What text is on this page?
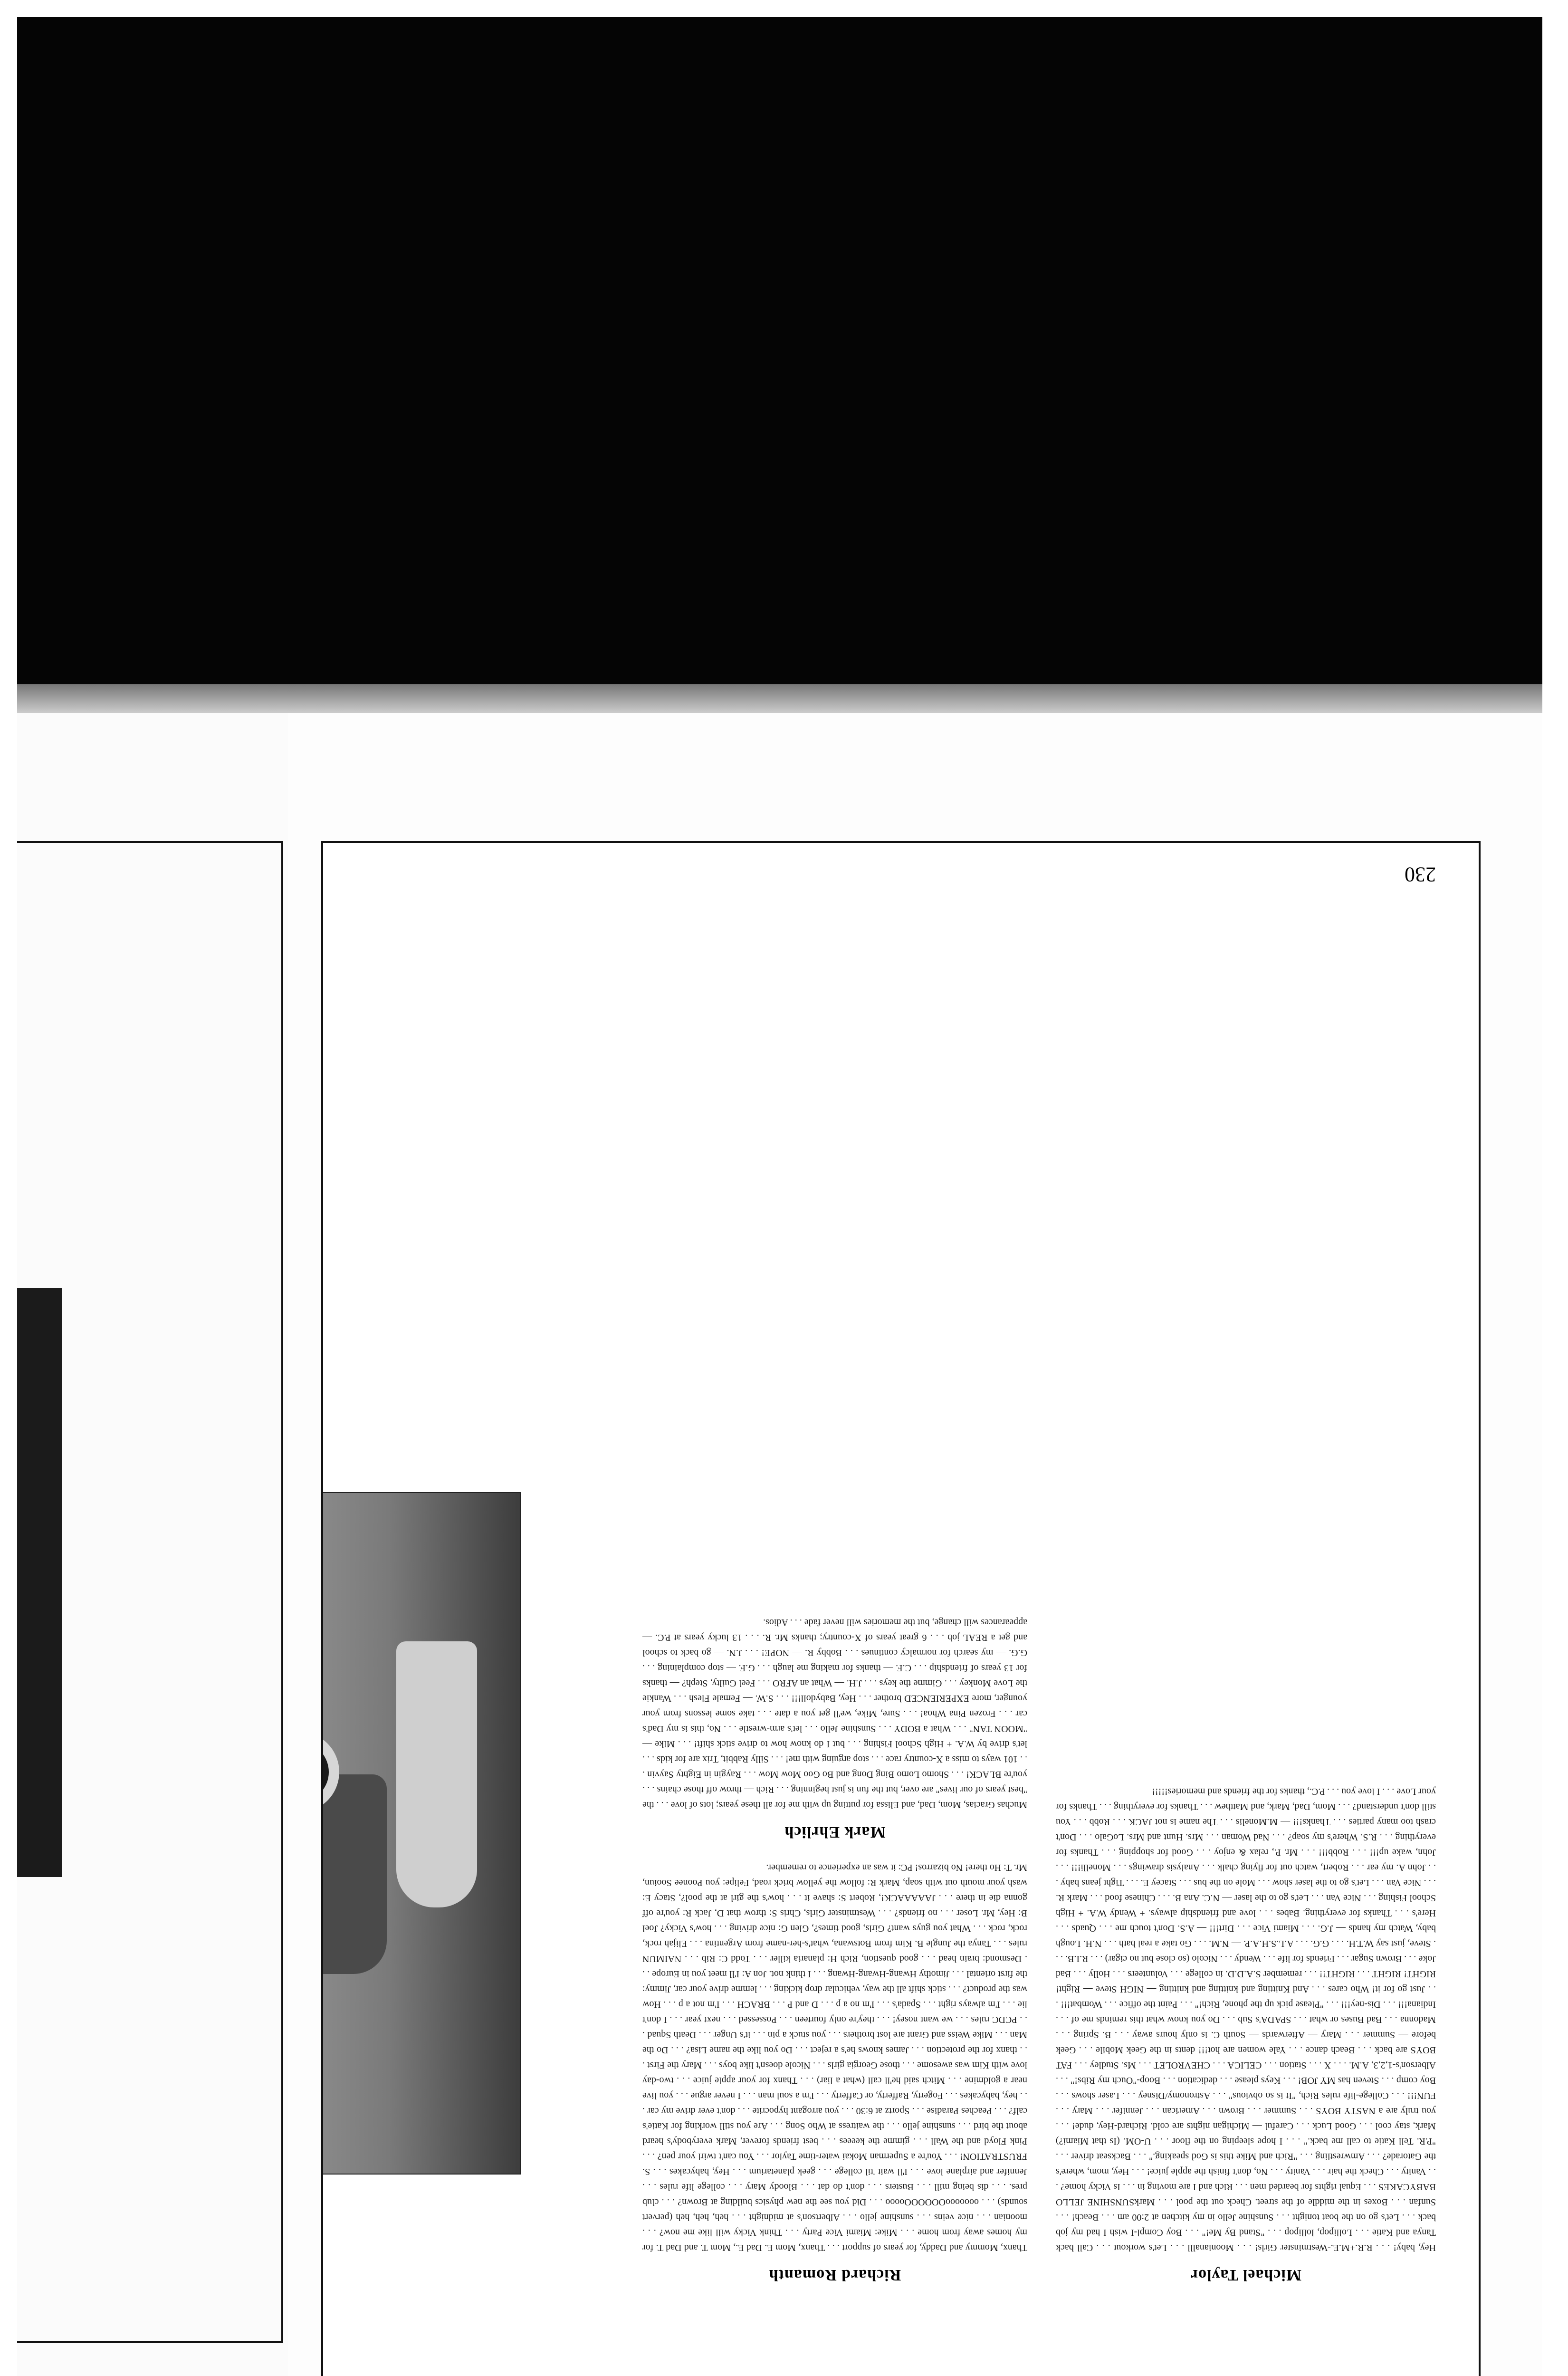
Michael Taylor

Hey, baby! . . . R.R.+M.E.-Westminster Girls! . . . Moonianalll . . . Let's workout . . . Call back Tanya and Katie . . . Lollipop, lollipop . . . "Stand By Me!" . . . Boy Compl-I wish I had my job back . . . Let's go on the boat tonight . . . Sunshine Jello in my kitchen at 2:00 am . . . Beach! . . . Sunfan . . . Boxes in the middle of the street. Check out the pool . . . MarkSUNSHINE JELLO BABYCAKES . . . Equal rights for bearded men . . . Rich and I are moving in . . . Is Vicky home? . . . Vanity . . . Check the hair . . . Vanity . . . No, don't finish the apple juice! . . . Hey, mom, where's the Gatorade? . . . Amwrestling . . . "Rich and Mike this is God speaking." . . . Backseat driver . . . "P.R. Tell Katie to call me back." . . . I hope sleeping on the floor . . . U-OM. (Is that Miami?) Mark, stay cool . . . Good Luck . . . Careful — Michigan nights are cold. Richard-Hey, dude! . . . you truly are a NASTY BOYS . . . Summer . . . Brown . . . American . . . Jennifer . . . Mary . . . FUN!!! . . . College-life rules Rich, "It is so obvious" . . . Astronomy/Disney . . . Laser shows . . . Boy comp . . . Steven has MY JOB! . . . Keys please . . . dedication . . . Boop-"Ouch my Ribs!" . . . Alberson's-1,2,3, A.M. . . . X . . . Station . . . CELICA . . . CHEVROLET . . . Ms. Studley . . . FAT BOYS are back . . . Beach dance . . . Yale women are hot!!! dents in the Geek Mobile . . . Geek before — Summer . . . Mary — Afterwards — South C. is only hours away . . . B. Spring . . . Madonna . . . Bad Buses or what . . . SPADA's Sub . . . Do you know what this reminds me of . . . Indiana!!! . . . Dis-ney!!! . . . "Please pick up the phone, Rich!" . . . Paint the office . . . Wombat!!! . . . Just go for it! Who cares . . . And Knitting and knitting and knitting — NIGH Steve — Right! RIGHT! RIGHT . . . RIGHT!! . . . remember S.A.D.D. in college . . . Volunteers . . . Holly . . . Bad Joke . . . Brown Sugar . . . Friends for life . . . Wendy . . . Nicolo (so close but no cigar) . . . R.I.B. . . . Steve, just say W.T.H. . . . G.G. . . . A.L.S.H.A.P. — N.M. . . . Go take a real bath . . . N.H. Lough baby, Watch my hands — J.G. . . . Miami Vice . . . Dirt!!! — A.S. Don't touch me . . . Quads . . . Here's . . . Thanks for everything. Babes . . . love and friendship always. + Wendy W.A. + High School Fishing . . . Nice Van . . . Let's go to the laser — N.C. Ana B. . . . Chinese food . . . Mark R. . . . Nice Van . . . Let's go to the laser show . . . Mole on the bus . . . Stacey E. . . . Tight jeans baby . . . John A. my ear . . . Robert, watch out for flying chalk . . . Analysis drawings . . . Monelli!!! . . . John, wake up!!! . . . Robb!!! . . . Mr. P., relax & enjoy . . . Good for shopping . . . Thanks for everything . . . R.S. Where's my soap? . . . Nad Woman . . . Mrs. Hunt and Mrs. LoGalo . . . Don't crash too many parties . . . Thanks!!! — M.Monelis . . . The name is not JACK . . . Robb . . . You still don't understand? . . . Mom, Dad, Mark, and Matthew . . . Thanks for everything . . . Thanks for your Love . . . I love you . . . P.C., thanks for the friends and memories!!!!!

Richard Romanth

Thanx, Mommy and Daddy, for years of support . . . Thanx, Mom E. Dad E., Mom T. and Dad T. for my homes away from home . . . Mike: Miami Vice Party . . . Think Vicky will like me now? . . . moonian . . . nice veins . . . sunshine jello . . . Albertson's at midnight . . . heh, heh, heh (pervert sounds) . . . oooooooOOOOOOoooo . . . Did you see the new physics building at Brown? . . . club pres. . . . dis being mill . . . Busters . . . don't do dat . . . Bloody Mary . . . college life rules . . . Jennifer and airplane love . . . I'll wait 'til college . . . geek planetarium . . . Hey, babycakes . . . S. FRUSTRATION! . . . You're a Superman Mokai water-time Taylor . . . You can't twirl your pen? . . . Pink Floyd and the Wall . . . gimme the keeees . . . best friends forever, Mark everybody's heard about the bird . . . sunshine jello . . . the waitress at Who Song . . . Are you still working for Katie's calf? . . . Peaches Paradise . . . Sportz at 6:30 . . . you arrogant hypocrite . . . don't ever drive my car . . . hey, babycakes . . . Fogerty, Rafferty, or Cafferty . . . I'm a soul man . . . I never argue . . . you live near a goldmine . . . Mitch said he'll call (what a liar) . . . Thanx for your apple juice . . . two-day love with Kim was awesome . . . those Georgia girls . . . Nicole doesn't like boys . . . Mary the First . . . thanx for the protection . . . James knows he's a reject . . . Do you like the name Lisa? . . . Do the Man . . . Mike Weiss and Grant are lost brothers . . . you stuck a pin . . . it's Unger . . . Death Squad . . . PCDC rules . . . we want nosey! . . . they're only fourteen . . . Possessed . . . next year . . . I don't lie . . . I'm always right . . . Spada's . . . I'm no a p . . . D and P . . . BRACH . . . I'm not a p . . . How was the product? . . . stick shift all the way, vehicular drop kicking . . . lemme drive your car, Jimmy: the first oriental . . . Jimothy Hwang-Hwang-Hwang . . . I think not. Jon A: I'll meet you in Europe . . . Desmond: brain head . . . good question, Rich H: planaria killer . . . Todd C: Rib . . . NAIMUN rules . . . Tanya the Jungle B. Kim from Botswana, what's-her-name from Argentina . . . Elijah rock, rock, rock . . . What you guys want? Girls, good times?, Glen G: nice driving . . . how's Vicky? Joel B: Hey, Mr. Loser . . . no friends? . . . Westminster Girls, Chris S: throw that D, Jack R: you're off gonna die in there . . . JAAAAACK!, Robert S: shave it . . . how's the girl at the pool?, Stacy E: wash your mouth out with soap, Mark R: follow the yellow brick road, Felipe: you Poonee Sooiun, Mr. T: Ho there! No bizarros! PC: it was an experience to remember.

Mark Ehrlich

Muchas Gracias, Mom, Dad, and Elissa for putting up with me for all these years; lots of love . . . the "best years of our lives" are over, but the fun is just beginning . . . Rich — throw off those chains . . . you're BLACK! . . . Shomo Lomo Bing Dong and Bo Goo Mow Mow . . . Raygin in Eighty Sayvin . . . 101 ways to miss a X-country race . . . stop arguing with me! . . . Silly Rabbit, Trix are for kids . . . let's drive by W.A. + High School Fishing . . . but I do know how to drive stick shift! . . . Mike — "MOON TAN" . . . What a BODY . . . Sunshine Jello . . . let's arm-wrestle . . . No, this is my Dad's car . . . Frozen Pina Whoa! . . . Sure, Mike, we'll get you a date . . . take some lessons from your younger, more EXPERIENCED brother . . . Hey, Babydoll!!! . . . S.W. — Female Flesh . . . Wankie the Love Monkey . . . Gimme the keys . . . J.H. — What an AFRO . . . Feel Guilty, Steph? — thanks for 13 years of friendship . . . C.F. — thanks for making me laugh . . . G.F. — stop complaining . . . G.G. — my search for normalcy continues . . . Bobby R. — NOPE! . . . J.N. — go back to school and get a REAL job . . . 6 great years of X-country; thanks Mr. R. . . . 13 lucky years at P.C. — appearances will change, but the memories will never fade . . . Adios.

230
